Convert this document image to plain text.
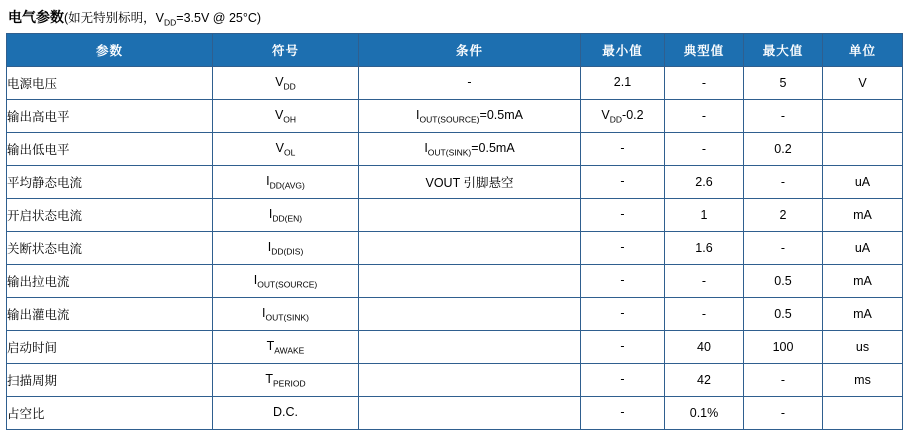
电气参数(如无特别标明，$V_{DD}=3.5V$ @ 25°C)
参数	符号	条件	最小值	典型值	最大值	单位
电源电压	$V_{DD}$	-	2.1	-	5	V
输出高电平	$V_{OH}$	$I_{OUT(SOURCE)}=0.5mA$	$V_{DD}-0.2$	-	-	
输出低电平	$V_{OL}$	$I_{OUT(SINK)}=0.5mA$	-	-	0.2	
平均静态电流	$I_{DD(AVG)}$	VOUT 引脚悬空	-	2.6	-	uA
开启状态电流	$I_{DD(EN)}$		-	1	2	mA
关断状态电流	$I_{DD(DIS)}$		-	1.6	-	uA
输出拉电流	$I_{OUT(SOURCE)}$		-	-	0.5	mA
输出灌电流	$I_{OUT(SINK)}$		-	-	0.5	mA
启动时间	$T_{AWAKE}$		-	40	100	us
扫描周期	$T_{PERIOD}$		-	42	-	ms
占空比	D.C.		-	0.1%	-	
